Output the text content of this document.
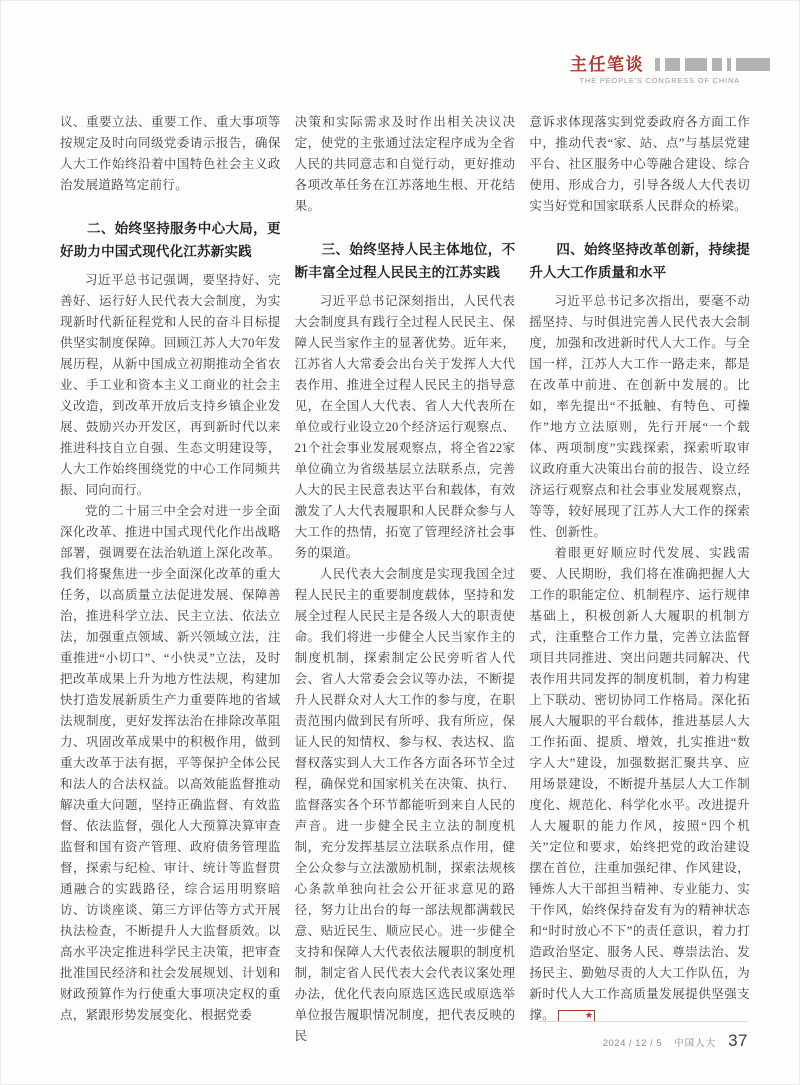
主任笔谈
THE PEOPLE'S CONGRESS OF CHINA

议、重要立法、重要工作、重大事项等按规定及时向同级党委请示报告，确保人大工作始终沿着中国特色社会主义政治发展道路笃定前行。

二、始终坚持服务中心大局，更好助力中国式现代化江苏新实践

习近平总书记强调，要坚持好、完善好、运行好人民代表大会制度，为实现新时代新征程党和人民的奋斗目标提供坚实制度保障。回顾江苏人大70年发展历程，从新中国成立初期推动全省农业、手工业和资本主义工商业的社会主义改造，到改革开放后支持乡镇企业发展、鼓励兴办开发区，再到新时代以来推进科技自立自强、生态文明建设等，人大工作始终围绕党的中心工作同频共振、同向而行。

党的二十届三中全会对进一步全面深化改革、推进中国式现代化作出战略部署，强调要在法治轨道上深化改革。我们将聚焦进一步全面深化改革的重大任务，以高质量立法促进发展、保障善治，推进科学立法、民主立法、依法立法，加强重点领域、新兴领域立法，注重推进“小切口”、“小快灵”立法，及时把改革成果上升为地方性法规，构建加快打造发展新质生产力重要阵地的省域法规制度，更好发挥法治在排除改革阻力、巩固改革成果中的积极作用，做到重大改革于法有据，平等保护全体公民和法人的合法权益。以高效能监督推动解决重大问题，坚持正确监督、有效监督、依法监督，强化人大预算决算审查监督和国有资产管理、政府债务管理监督，探索与纪检、审计、统计等监督贯通融合的实践路径，综合运用明察暗访、访谈座谈、第三方评估等方式开展执法检查，不断提升人大监督质效。以高水平决定推进科学民主决策，把审查批准国民经济和社会发展规划、计划和财政预算作为行使重大事项决定权的重点，紧跟形势发展变化、根据党委

决策和实际需求及时作出相关决议决定，使党的主张通过法定程序成为全省人民的共同意志和自觉行动，更好推动各项改革任务在江苏落地生根、开花结果。

三、始终坚持人民主体地位，不断丰富全过程人民民主的江苏实践

习近平总书记深刻指出，人民代表大会制度具有践行全过程人民民主、保障人民当家作主的显著优势。近年来，江苏省人大常委会出台关于发挥人大代表作用、推进全过程人民民主的指导意见，在全国人大代表、省人大代表所在单位或行业设立20个经济运行观察点、21个社会事业发展观察点，将全省22家单位确立为省级基层立法联系点，完善人大的民主民意表达平台和载体，有效激发了人大代表履职和人民群众参与人大工作的热情，拓宽了管理经济社会事务的渠道。

人民代表大会制度是实现我国全过程人民民主的重要制度载体，坚持和发展全过程人民民主是各级人大的职责使命。我们将进一步健全人民当家作主的制度机制，探索制定公民旁听省人代会、省人大常委会会议等办法，不断提升人民群众对人大工作的参与度，在职责范围内做到民有所呼、我有所应，保证人民的知情权、参与权、表达权、监督权落实到人大工作各方面各环节全过程，确保党和国家机关在决策、执行、监督落实各个环节都能听到来自人民的声音。进一步健全民主立法的制度机制，充分发挥基层立法联系点作用，健全公众参与立法激励机制，探索法规核心条款单独向社会公开征求意见的路径，努力让出台的每一部法规都满载民意、贴近民生、顺应民心。进一步健全支持和保障人大代表依法履职的制度机制，制定省人民代表大会代表议案处理办法，优化代表向原选区选民或原选举单位报告履职情况制度，把代表反映的民

意诉求体现落实到党委政府各方面工作中，推动代表“家、站、点”与基层党建平台、社区服务中心等融合建设、综合使用、形成合力，引导各级人大代表切实当好党和国家联系人民群众的桥梁。

四、始终坚持改革创新，持续提升人大工作质量和水平

习近平总书记多次指出，要毫不动摇坚持、与时俱进完善人民代表大会制度，加强和改进新时代人大工作。与全国一样，江苏人大工作一路走来，都是在改革中前进、在创新中发展的。比如，率先提出“不抵触、有特色、可操作”地方立法原则，先行开展“一个载体、两项制度”实践探索，探索听取审议政府重大决策出台前的报告、设立经济运行观察点和社会事业发展观察点，等等，较好展现了江苏人大工作的探索性、创新性。

着眼更好顺应时代发展、实践需要、人民期盼，我们将在准确把握人大工作的职能定位、机制程序、运行规律基础上，积极创新人大履职的机制方式，注重整合工作力量，完善立法监督项目共同推进、突出问题共同解决、代表作用共同发挥的制度机制，着力构建上下联动、密切协同工作格局。深化拓展人大履职的平台载体，推进基层人大工作拓面、提质、增效，扎实推进“数字人大”建设，加强数据汇聚共享、应用场景建设，不断提升基层人大工作制度化、规范化、科学化水平。改进提升人大履职的能力作风，按照“四个机关”定位和要求，始终把党的政治建设摆在首位，注重加强纪律、作风建设，锤炼人大干部担当精神、专业能力、实干作风，始终保持奋发有为的精神状态和“时时放心不下”的责任意识，着力打造政治坚定、服务人民、尊崇法治、发扬民主、勤勉尽责的人大工作队伍，为新时代人大工作高质量发展提供坚强支撑。	★

2024 / 12 / 5 中国人大 37
